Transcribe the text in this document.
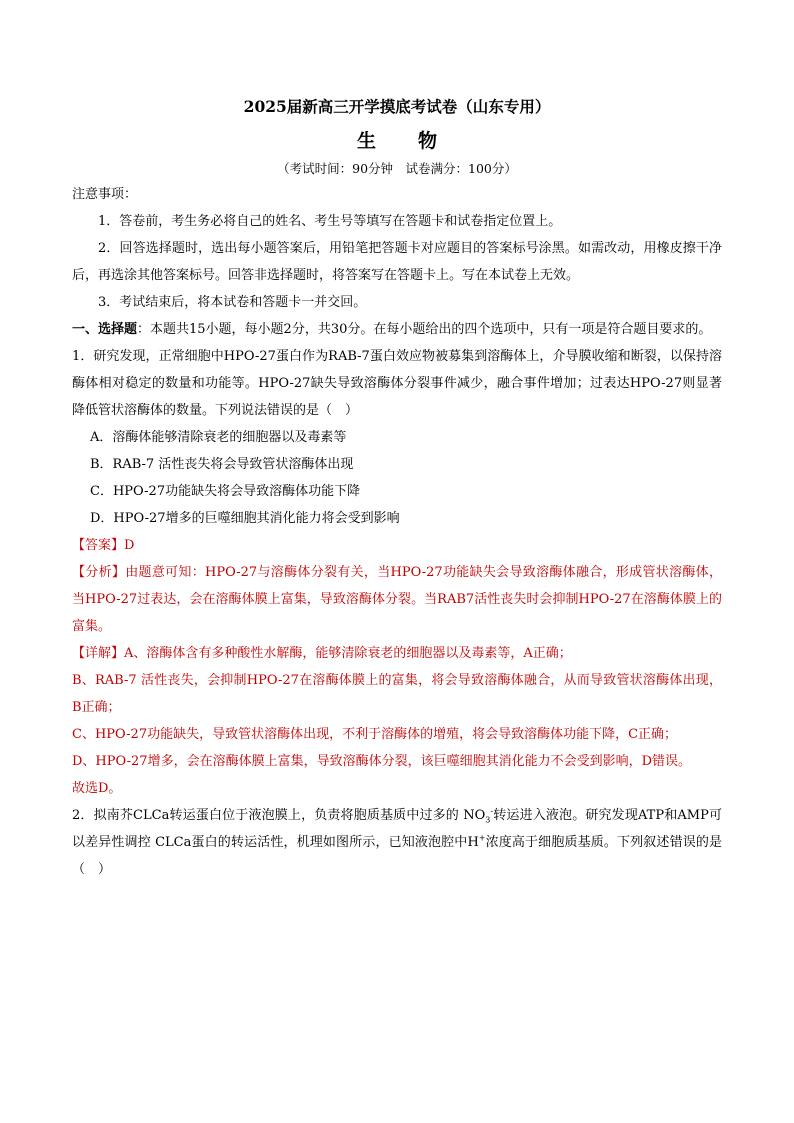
2025届新高三开学摸底考试卷（山东专用）

生物

（考试时间：90分钟　试卷满分：100分）

注意事项：

1．答卷前，考生务必将自己的姓名、考生号等填写在答题卡和试卷指定位置上。

2．回答选择题时，选出每小题答案后，用铅笔把答题卡对应题目的答案标号涂黑。如需改动，用橡皮擦干净后，再选涂其他答案标号。回答非选择题时，将答案写在答题卡上。写在本试卷上无效。

3．考试结束后，将本试卷和答题卡一并交回。

一、选择题：本题共15小题，每小题2分，共30分。在每小题给出的四个选项中，只有一项是符合题目要求的。

1．研究发现，正常细胞中HPO-27蛋白作为RAB-7蛋白效应物被募集到溶酶体上，介导膜收缩和断裂，以保持溶酶体相对稳定的数量和功能等。HPO-27缺失导致溶酶体分裂事件减少，融合事件增加；过表达HPO-27则显著降低管状溶酶体的数量。下列说法错误的是（　）

A．溶酶体能够清除衰老的细胞器以及毒素等

B．RAB-7 活性丧失将会导致管状溶酶体出现

C．HPO-27功能缺失将会导致溶酶体功能下降

D．HPO-27增多的巨噬细胞其消化能力将会受到影响

【答案】D

【分析】由题意可知：HPO-27与溶酶体分裂有关，当HPO-27功能缺失会导致溶酶体融合，形成管状溶酶体，当HPO-27过表达，会在溶酶体膜上富集，导致溶酶体分裂。当RAB7活性丧失时会抑制HPO-27在溶酶体膜上的富集。

【详解】A、溶酶体含有多种酸性水解酶，能够清除衰老的细胞器以及毒素等，A正确；

B、RAB-7 活性丧失，会抑制HPO-27在溶酶体膜上的富集，将会导致溶酶体融合，从而导致管状溶酶体出现，B正确；

C、HPO-27功能缺失，导致管状溶酶体出现，不利于溶酶体的增殖，将会导致溶酶体功能下降，C正确；

D、HPO-27增多，会在溶酶体膜上富集，导致溶酶体分裂，该巨噬细胞其消化能力不会受到影响，D错误。

故选D。

2．拟南芥CLCa转运蛋白位于液泡膜上，负责将胞质基质中过多的 $NO_3^-$转运进入液泡。研究发现ATP和AMP可以差异性调控 CLCa蛋白的转运活性，机理如图所示，已知液泡腔中H+浓度高于细胞质基质。下列叙述错误的是（　）
